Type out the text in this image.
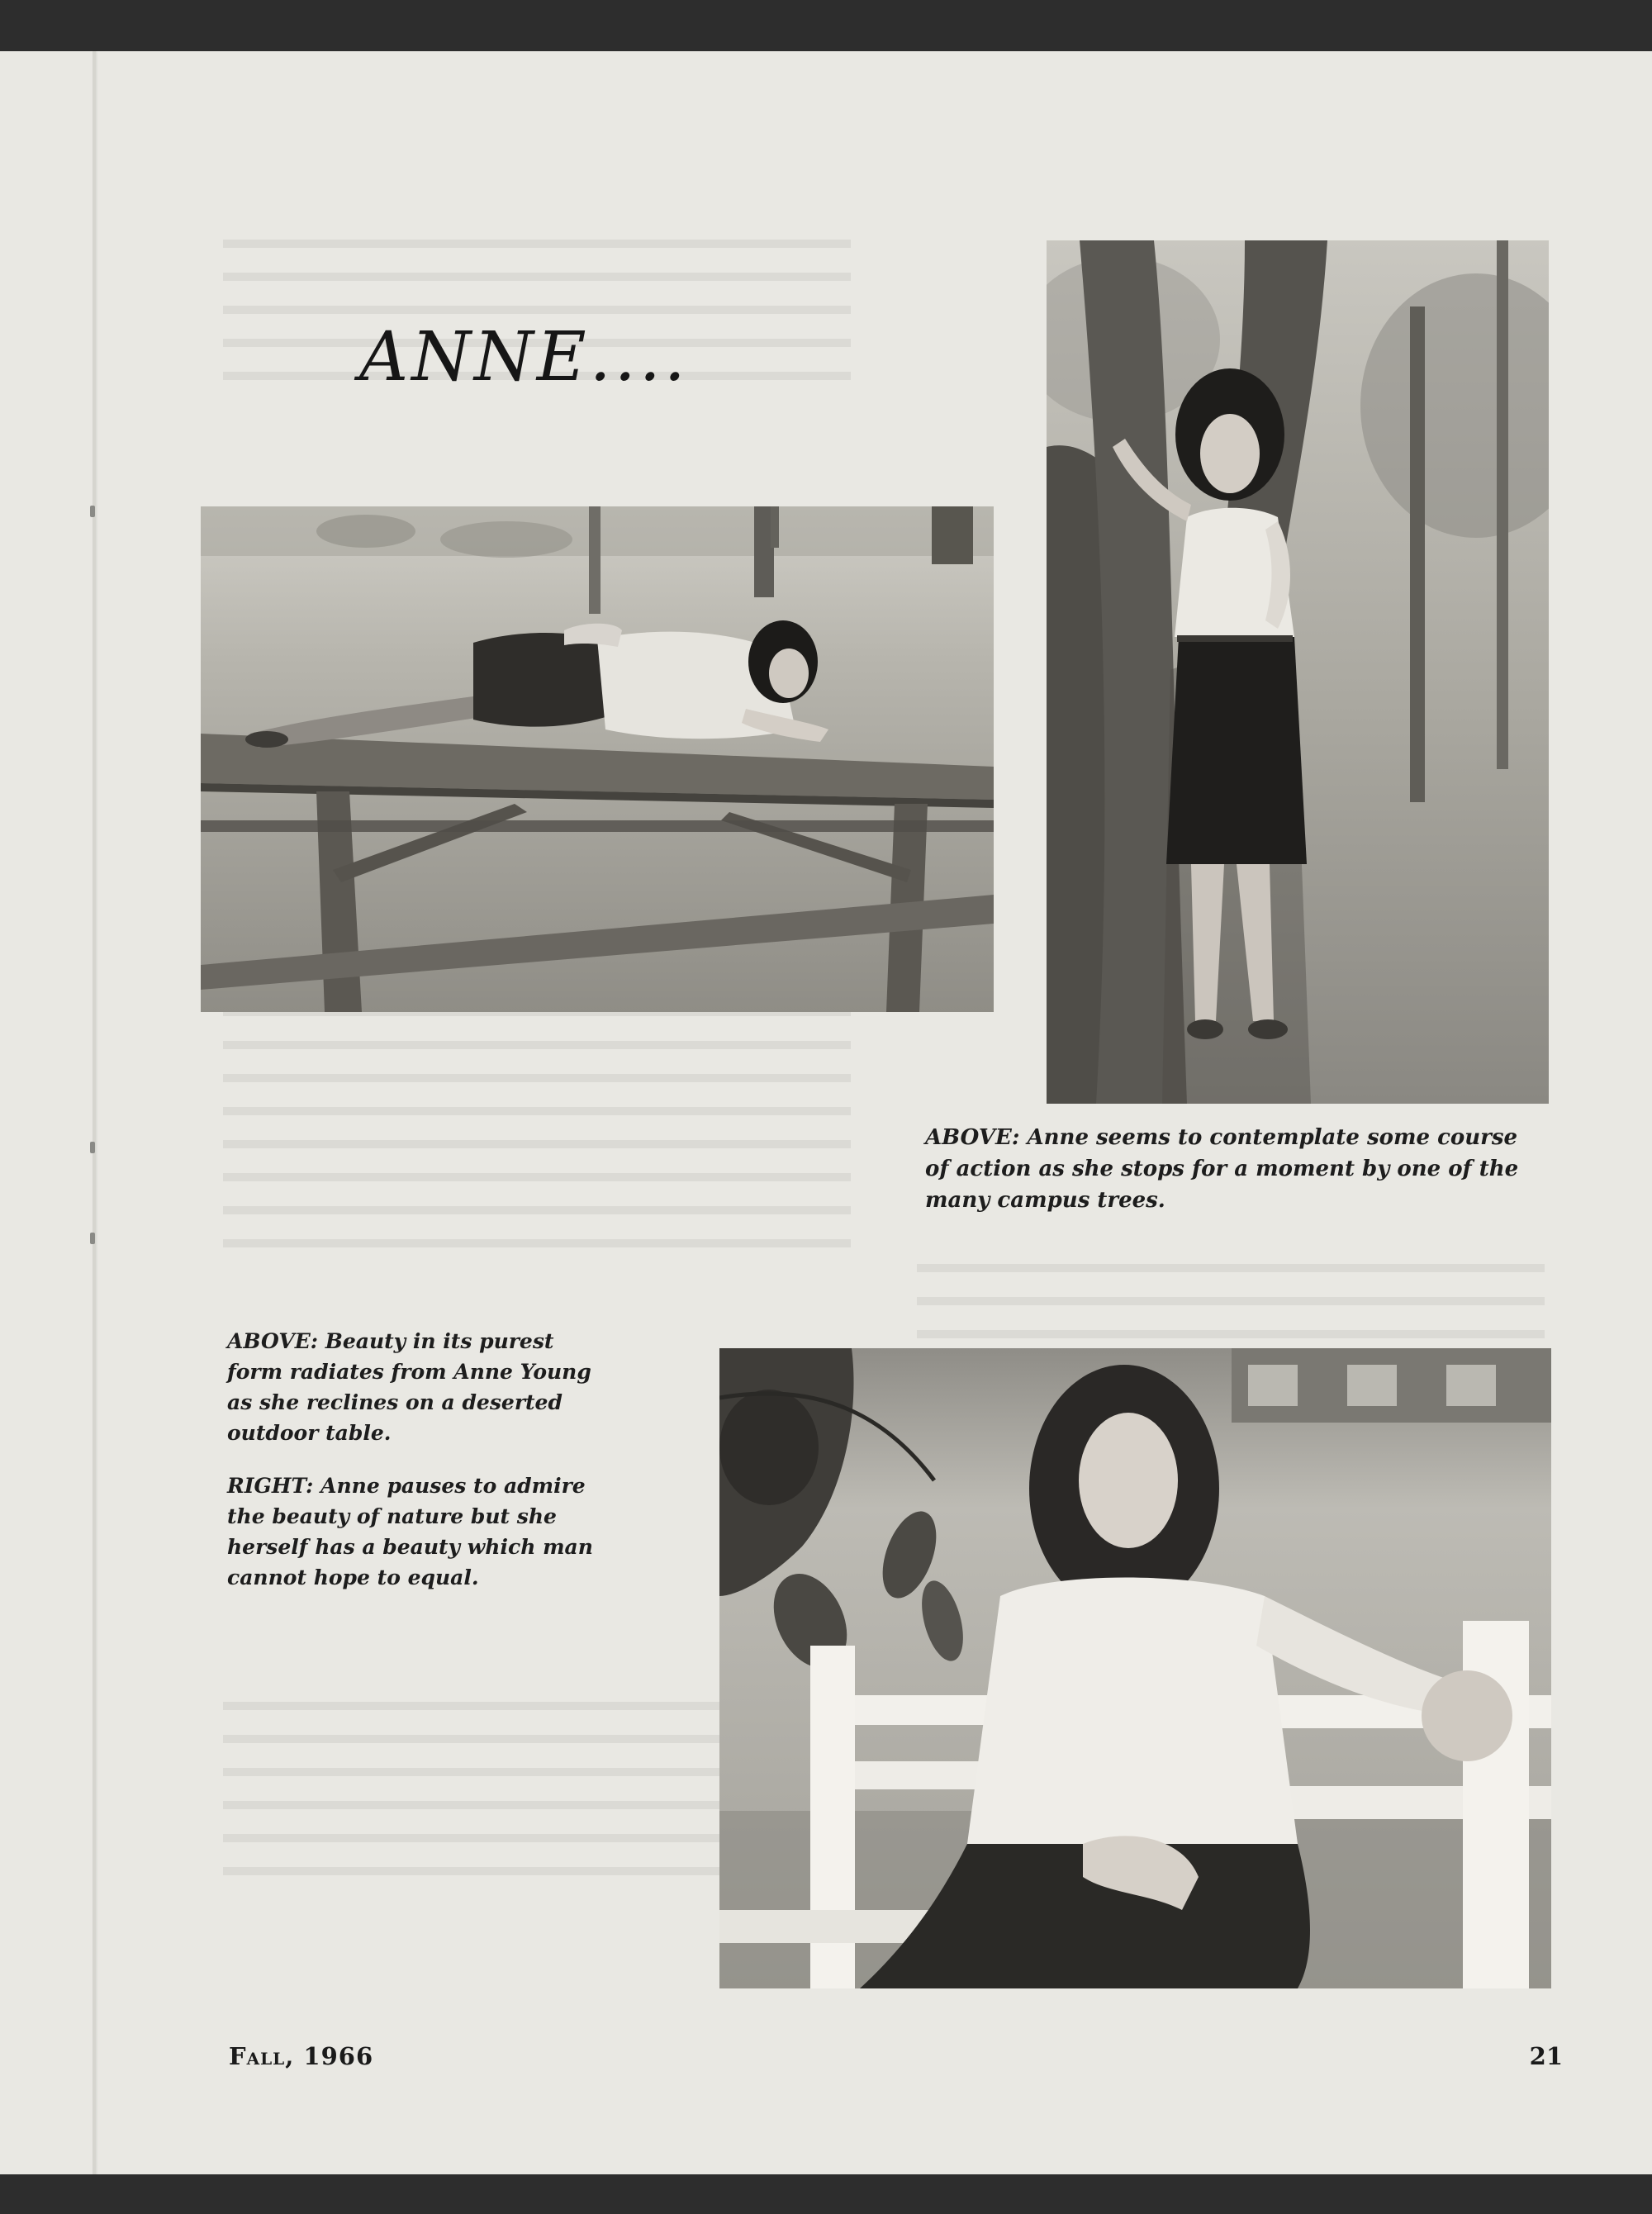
ANNE....

ABOVE: Anne seems to contemplate some course of action as she stops for a moment by one of the many campus trees.

ABOVE: Beauty in its purest form radiates from Anne Young as she reclines on a deserted outdoor table.

RIGHT: Anne pauses to admire the beauty of nature but she herself has a beauty which man cannot hope to equal.

Fall, 1966	21
